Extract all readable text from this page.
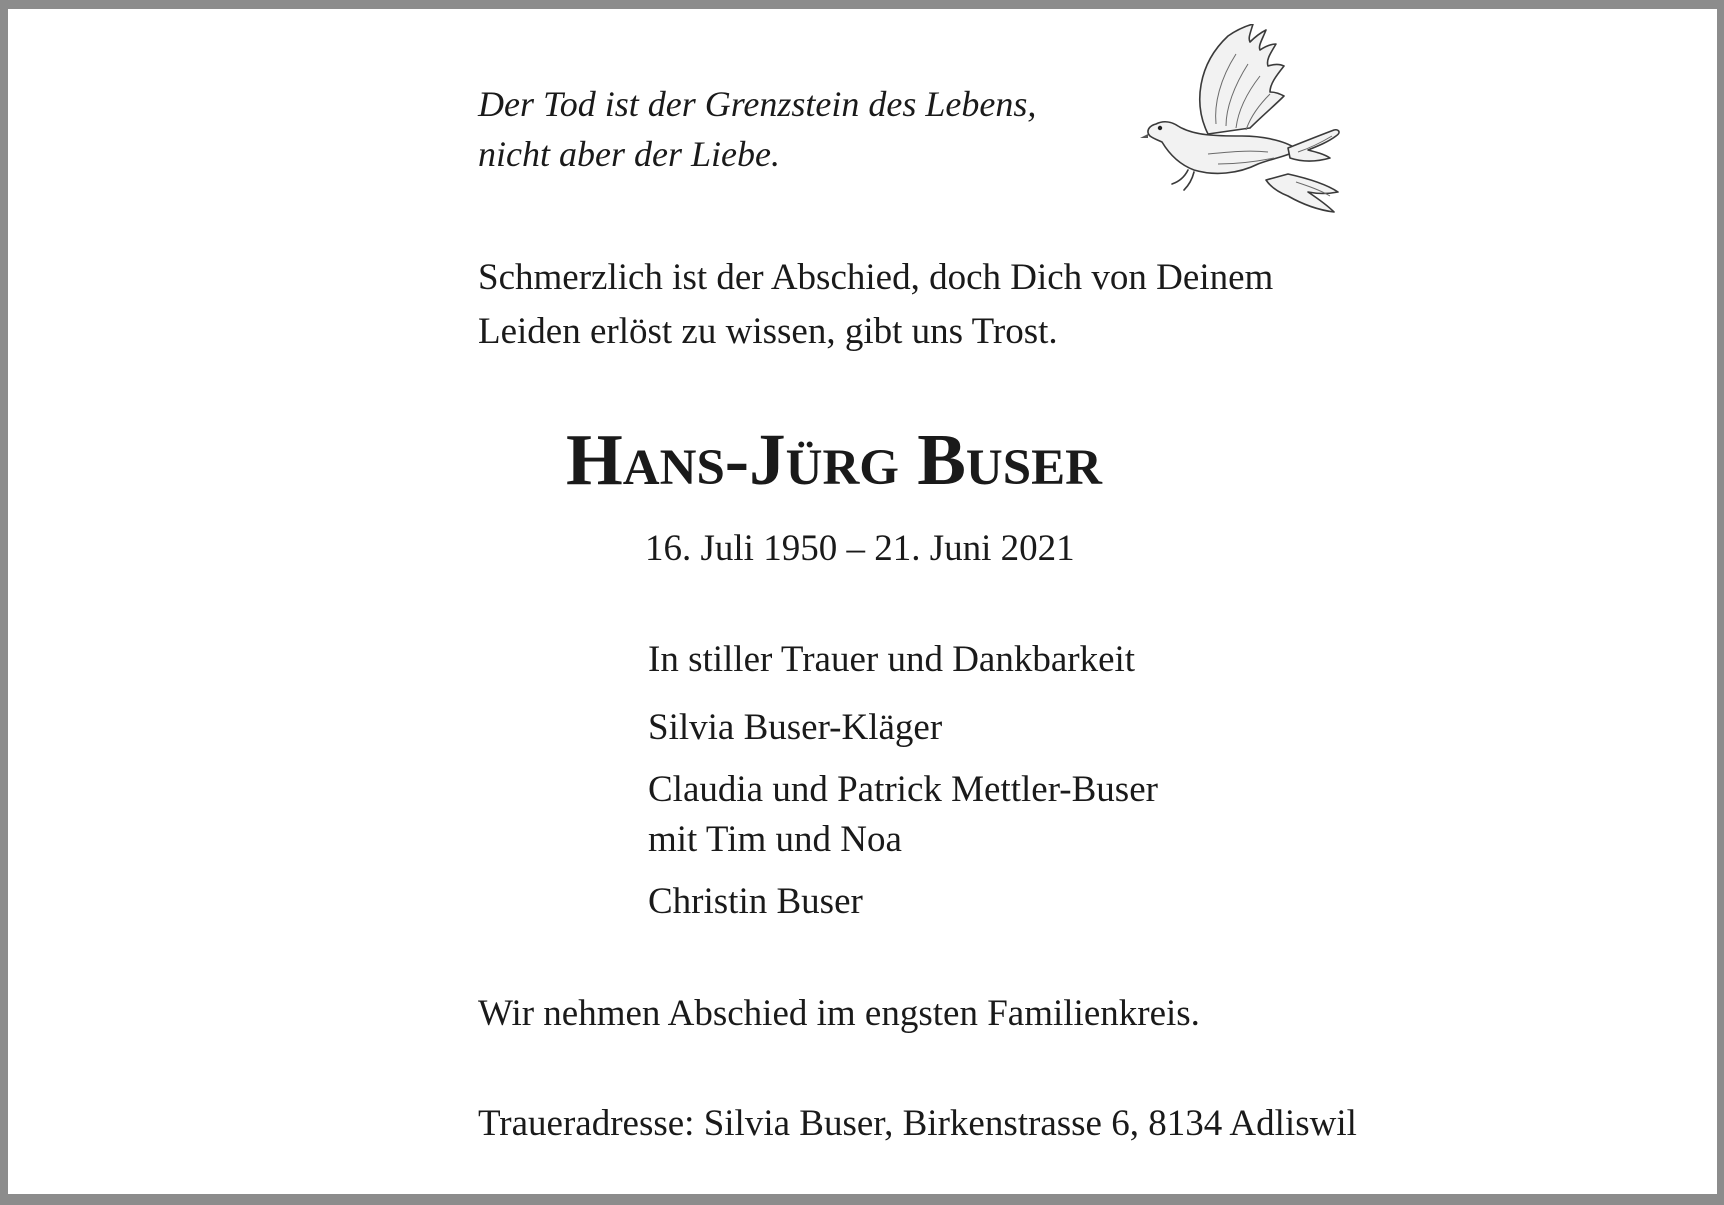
Der Tod ist der Grenzstein des Lebens,
nicht aber der Liebe.
Schmerzlich ist der Abschied, doch Dich von Deinem
Leiden erlöst zu wissen, gibt uns Trost.
Hans-Jürg Buser
16. Juli 1950 – 21. Juni 2021
In stiller Trauer und Dankbarkeit
Silvia Buser-Kläger
Claudia und Patrick Mettler-Buser
mit Tim und Noa
Christin Buser
Wir nehmen Abschied im engsten Familienkreis.
Traueradresse: Silvia Buser, Birkenstrasse 6, 8134 Adliswil
